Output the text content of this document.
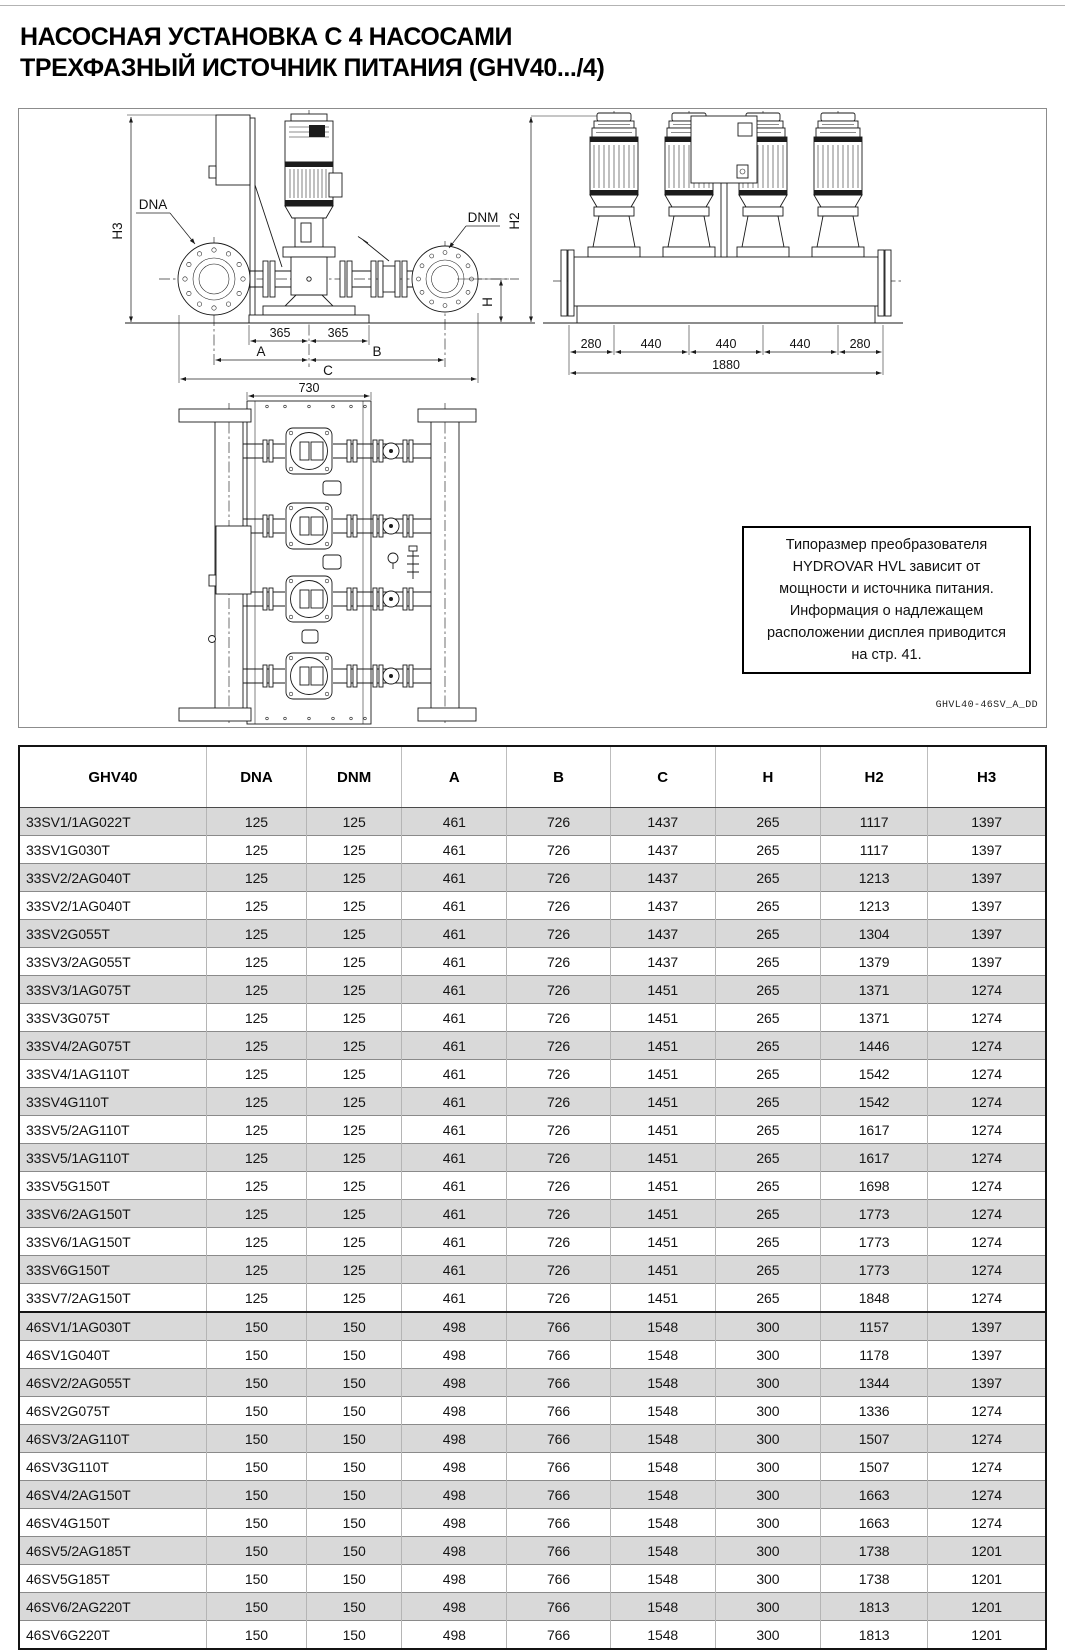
НАСОСНАЯ УСТАНОВКА С 4 НАСОСАМИ
ТРЕХФАЗНЫЙ ИСТОЧНИК ПИТАНИЯ (GHV40.../4)
DNA
DNM
H3
H2
H
365	365
A	B
C
730
280	440	440	440	280
1880
Типоразмер преобразователя
HYDROVAR HVL зависит от
мощности и источника питания.
Информация о надлежащем
расположении дисплея приводится
на стр. 41.
GHVL40-46SV_A_DD
GHV40	DNA	DNM	A	B	C	H	H2	H3
33SV1/1AG022T	125	125	461	726	1437	265	1117	1397
33SV1G030T	125	125	461	726	1437	265	1117	1397
33SV2/2AG040T	125	125	461	726	1437	265	1213	1397
33SV2/1AG040T	125	125	461	726	1437	265	1213	1397
33SV2G055T	125	125	461	726	1437	265	1304	1397
33SV3/2AG055T	125	125	461	726	1437	265	1379	1397
33SV3/1AG075T	125	125	461	726	1451	265	1371	1274
33SV3G075T	125	125	461	726	1451	265	1371	1274
33SV4/2AG075T	125	125	461	726	1451	265	1446	1274
33SV4/1AG110T	125	125	461	726	1451	265	1542	1274
33SV4G110T	125	125	461	726	1451	265	1542	1274
33SV5/2AG110T	125	125	461	726	1451	265	1617	1274
33SV5/1AG110T	125	125	461	726	1451	265	1617	1274
33SV5G150T	125	125	461	726	1451	265	1698	1274
33SV6/2AG150T	125	125	461	726	1451	265	1773	1274
33SV6/1AG150T	125	125	461	726	1451	265	1773	1274
33SV6G150T	125	125	461	726	1451	265	1773	1274
33SV7/2AG150T	125	125	461	726	1451	265	1848	1274
46SV1/1AG030T	150	150	498	766	1548	300	1157	1397
46SV1G040T	150	150	498	766	1548	300	1178	1397
46SV2/2AG055T	150	150	498	766	1548	300	1344	1397
46SV2G075T	150	150	498	766	1548	300	1336	1274
46SV3/2AG110T	150	150	498	766	1548	300	1507	1274
46SV3G110T	150	150	498	766	1548	300	1507	1274
46SV4/2AG150T	150	150	498	766	1548	300	1663	1274
46SV4G150T	150	150	498	766	1548	300	1663	1274
46SV5/2AG185T	150	150	498	766	1548	300	1738	1201
46SV5G185T	150	150	498	766	1548	300	1738	1201
46SV6/2AG220T	150	150	498	766	1548	300	1813	1201
46SV6G220T	150	150	498	766	1548	300	1813	1201
